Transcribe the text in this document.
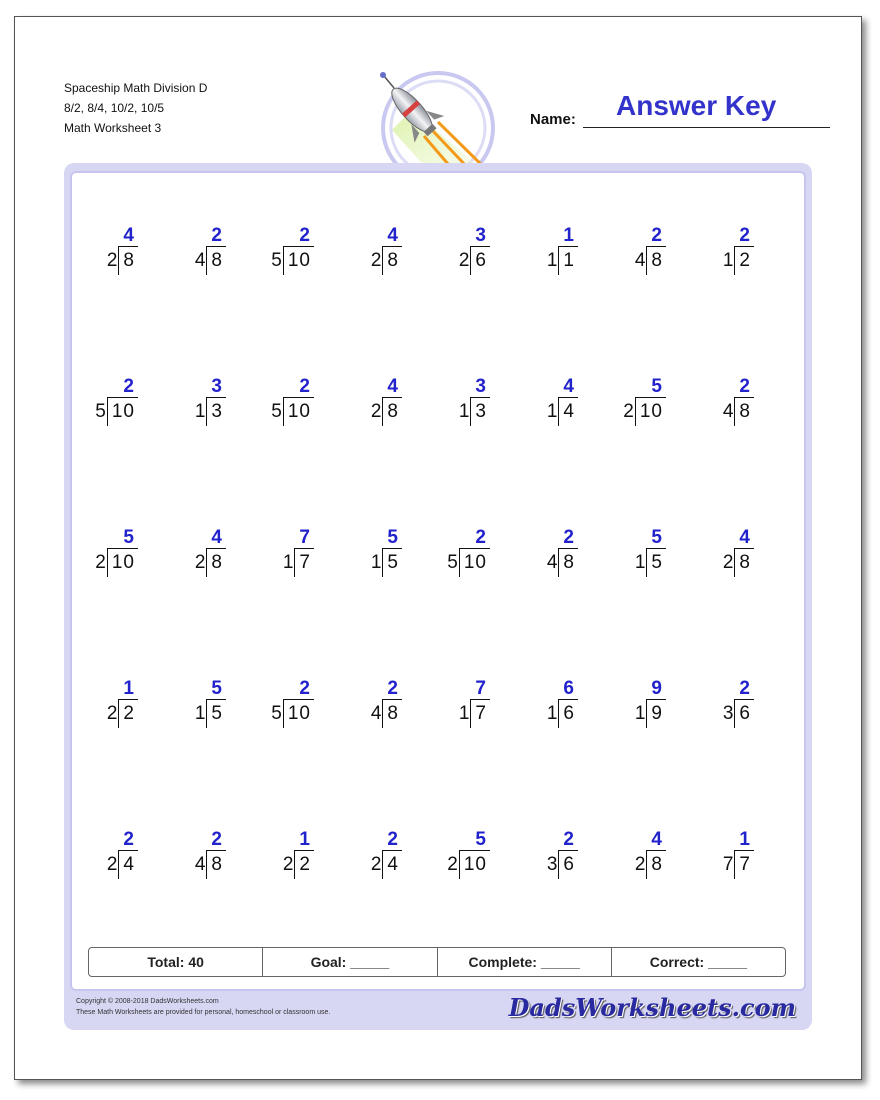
Spaceship Math Division D
8/2, 8/4, 10/2, 10/5
Math Worksheet 3	Name: Answer Key
4
2 8
2
4 8
2
5 10
4
2 8
3
2 6
1
1 1
2
4 8
2
1 2
2
5 10
3
1 3
2
5 10
4
2 8
3
1 3
4
1 4
5
2 10
2
4 8
5
2 10
4
2 8
7
1 7
5
1 5
2
5 10
2
4 8
5
1 5
4
2 8
1
2 2
5
1 5
2
5 10
2
4 8
7
1 7
6
1 6
9
1 9
2
3 6
2
2 4
2
4 8
1
2 2
2
2 4
5
2 10
2
3 6
4
2 8
1
7 7
Total: 40	Goal: _____	Complete: _____	Correct: _____
Copyright © 2008-2018 DadsWorksheets.com
These Math Worksheets are provided for personal, homeschool or classroom use.	DadsWorksheets.com
